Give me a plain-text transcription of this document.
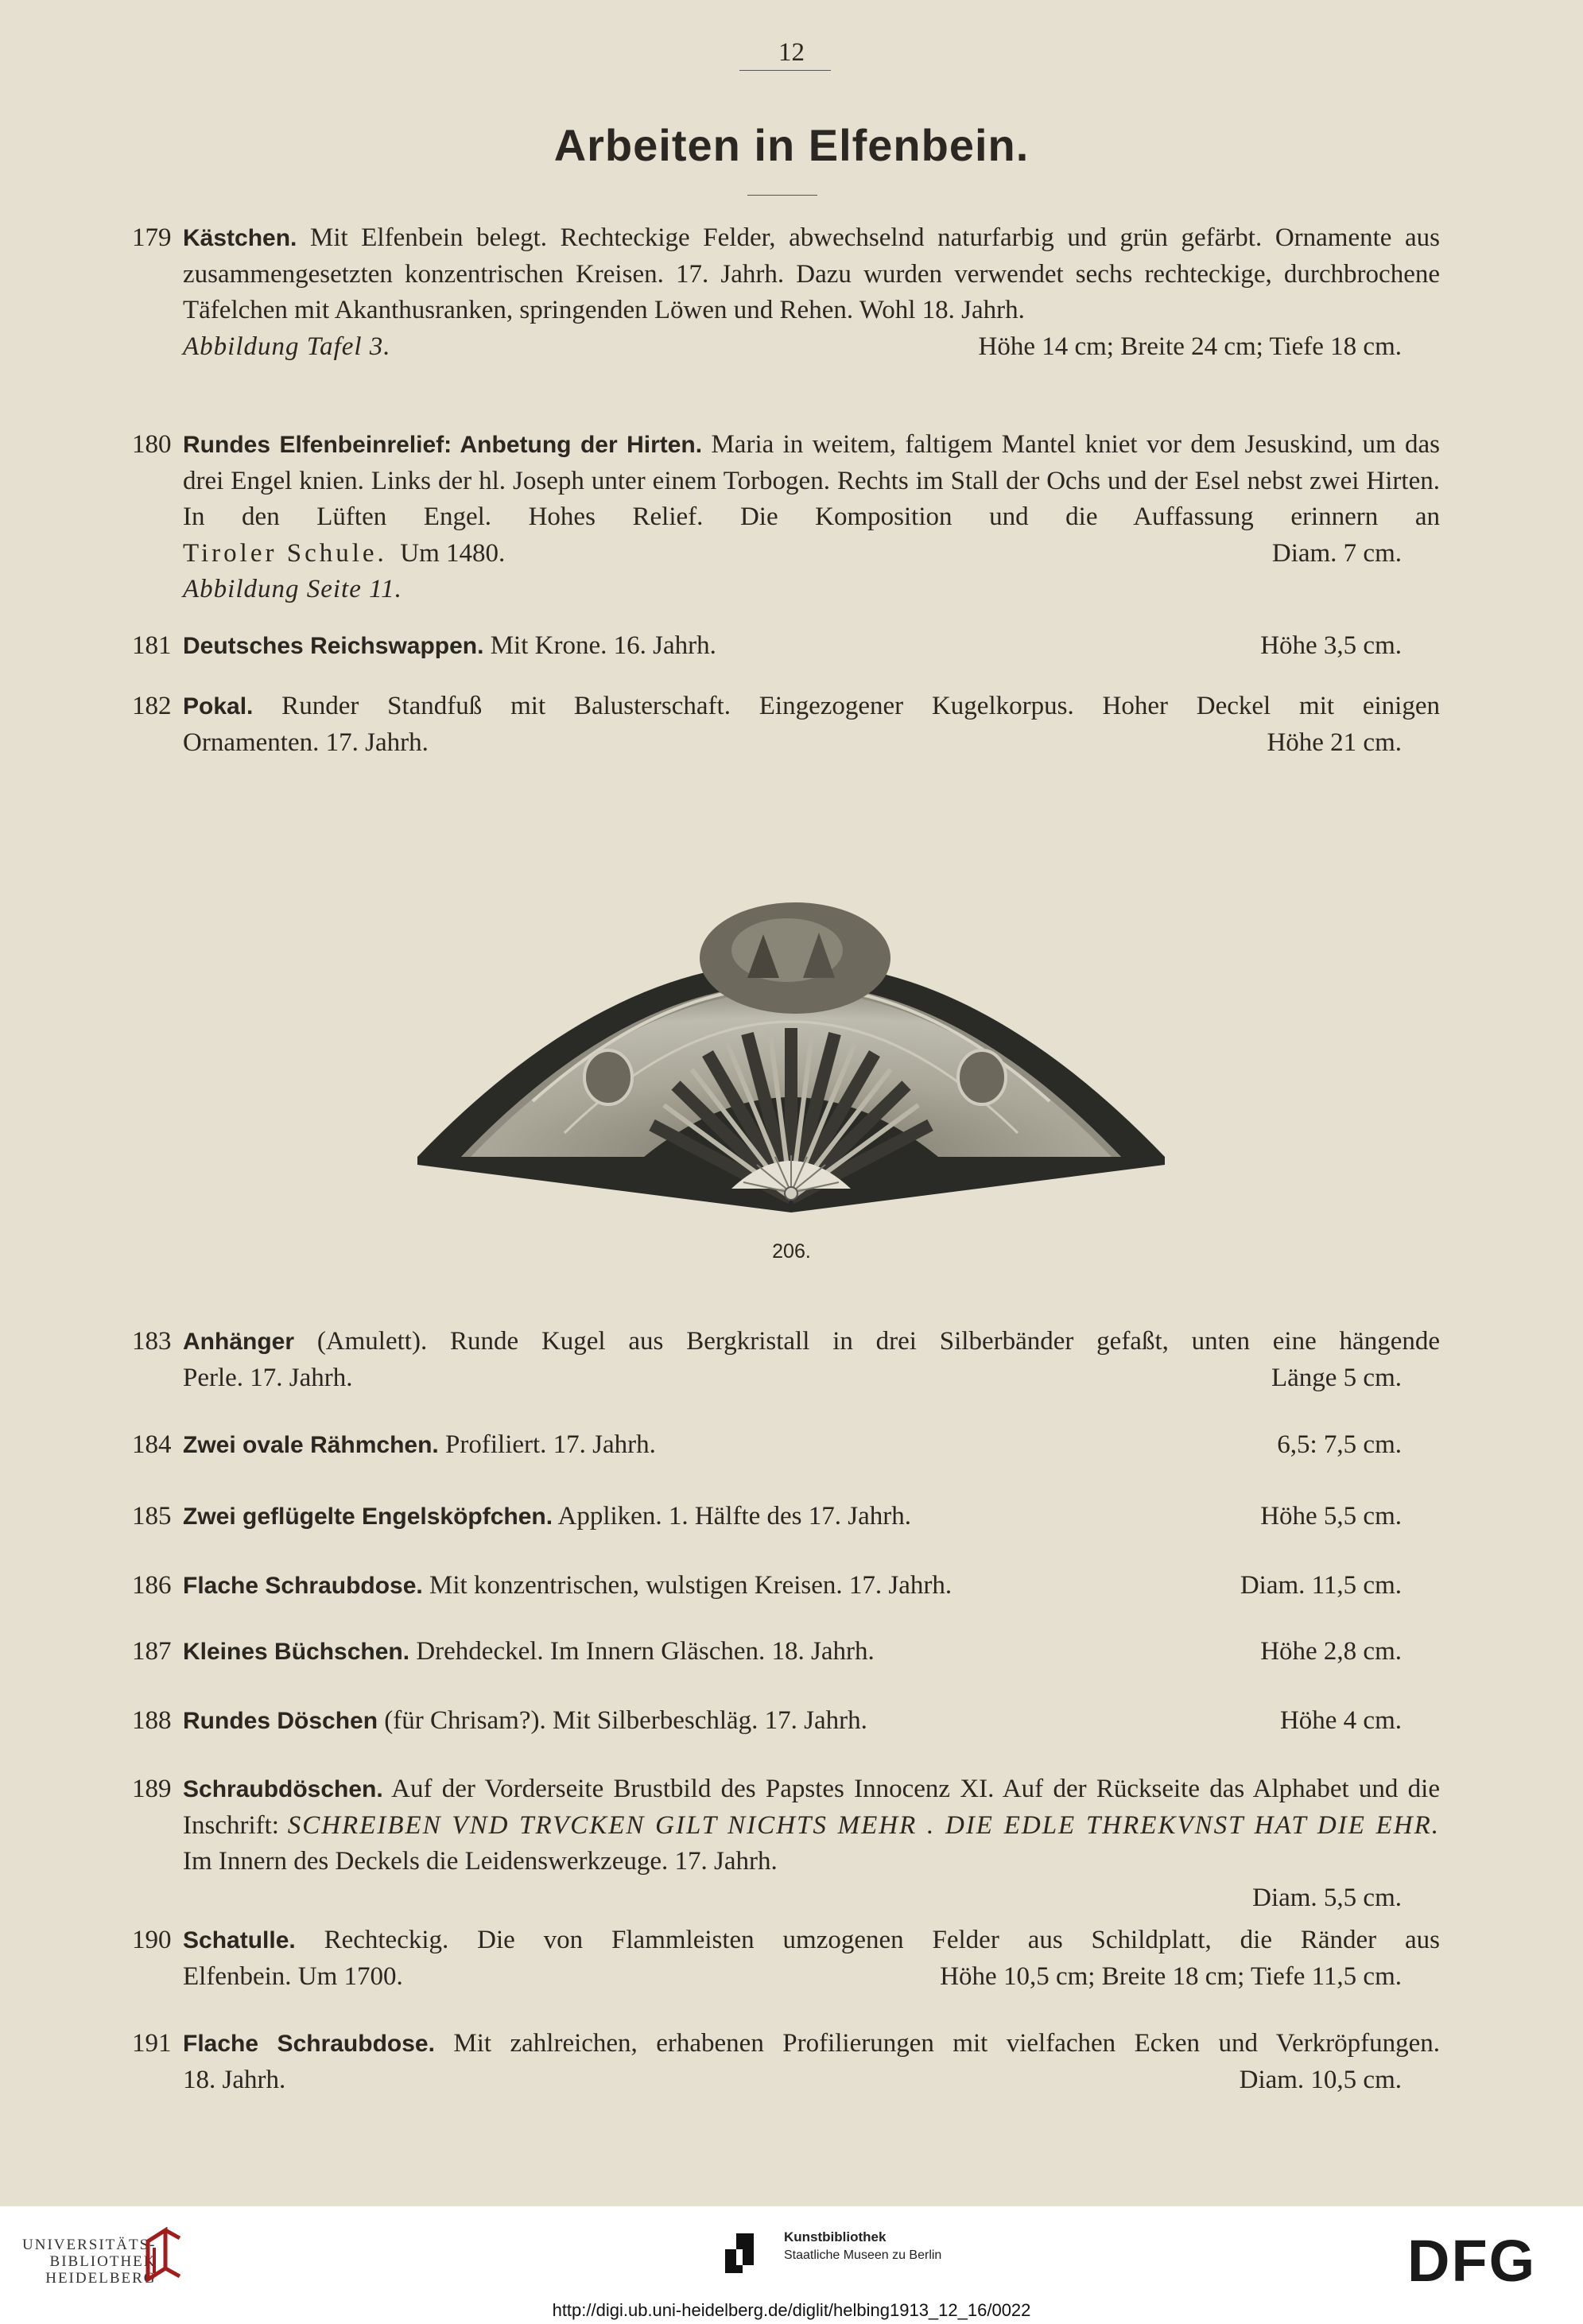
12
Arbeiten in Elfenbein.
179 Kästchen. Mit Elfenbein belegt. Rechteckige Felder, abwechselnd naturfarbig und grün gefärbt. Ornamente aus zusammengesetzten konzentrischen Kreisen. 17. Jahrh. Dazu wurden verwendet sechs rechteckige, durchbrochene Täfelchen mit Akanthusranken, springenden Löwen und Rehen. Wohl 18. Jahrh.
Abbildung Tafel 3.	Höhe 14 cm; Breite 24 cm; Tiefe 18 cm.
180 Rundes Elfenbeinrelief: Anbetung der Hirten. Maria in weitem, faltigem Mantel kniet vor dem Jesuskind, um das drei Engel knien. Links der hl. Joseph unter einem Torbogen. Rechts im Stall der Ochs und der Esel nebst zwei Hirten. In den Lüften Engel. Hohes Relief. Die Komposition und die Auffassung erinnern an
Tiroler Schule. Um 1480.	Diam. 7 cm.
Abbildung Seite 11.
181 Deutsches Reichswappen. Mit Krone. 16. Jahrh.	Höhe 3,5 cm.
182 Pokal. Runder Standfuß mit Balusterschaft. Eingezogener Kugelkorpus. Hoher Deckel mit einigen
Ornamenten. 17. Jahrh.	Höhe 21 cm.
206.
183 Anhänger (Amulett). Runde Kugel aus Bergkristall in drei Silberbänder gefaßt, unten eine hängende
Perle. 17. Jahrh.	Länge 5 cm.
184 Zwei ovale Rähmchen. Profiliert. 17. Jahrh.	6,5: 7,5 cm.
185 Zwei geflügelte Engelsköpfchen. Appliken. 1. Hälfte des 17. Jahrh.	Höhe 5,5 cm.
186 Flache Schraubdose. Mit konzentrischen, wulstigen Kreisen. 17. Jahrh.	Diam. 11,5 cm.
187 Kleines Büchschen. Drehdeckel. Im Innern Gläschen. 18. Jahrh.	Höhe 2,8 cm.
188 Rundes Döschen (für Chrisam?). Mit Silberbeschläg. 17. Jahrh.	Höhe 4 cm.
189 Schraubdöschen. Auf der Vorderseite Brustbild des Papstes Innocenz XI. Auf der Rückseite das Alphabet und die Inschrift: SCHREIBEN VND TRVCKEN GILT NICHTS MEHR . DIE EDLE THREKVNST HAT DIE EHR. Im Innern des Deckels die Leidenswerkzeuge. 17. Jahrh.
Diam. 5,5 cm.
190 Schatulle. Rechteckig. Die von Flammleisten umzogenen Felder aus Schildplatt, die Ränder aus
Elfenbein. Um 1700.	Höhe 10,5 cm; Breite 18 cm; Tiefe 11,5 cm.
191 Flache Schraubdose. Mit zahlreichen, erhabenen Profilierungen mit vielfachen Ecken und Verkröpfungen.
18. Jahrh.	Diam. 10,5 cm.
UNIVERSITÄTS-
BIBLIOTHEK
HEIDELBERG
Kunstbibliothek
Staatliche Museen zu Berlin	DFG
http://digi.ub.uni-heidelberg.de/diglit/helbing1913_12_16/0022
